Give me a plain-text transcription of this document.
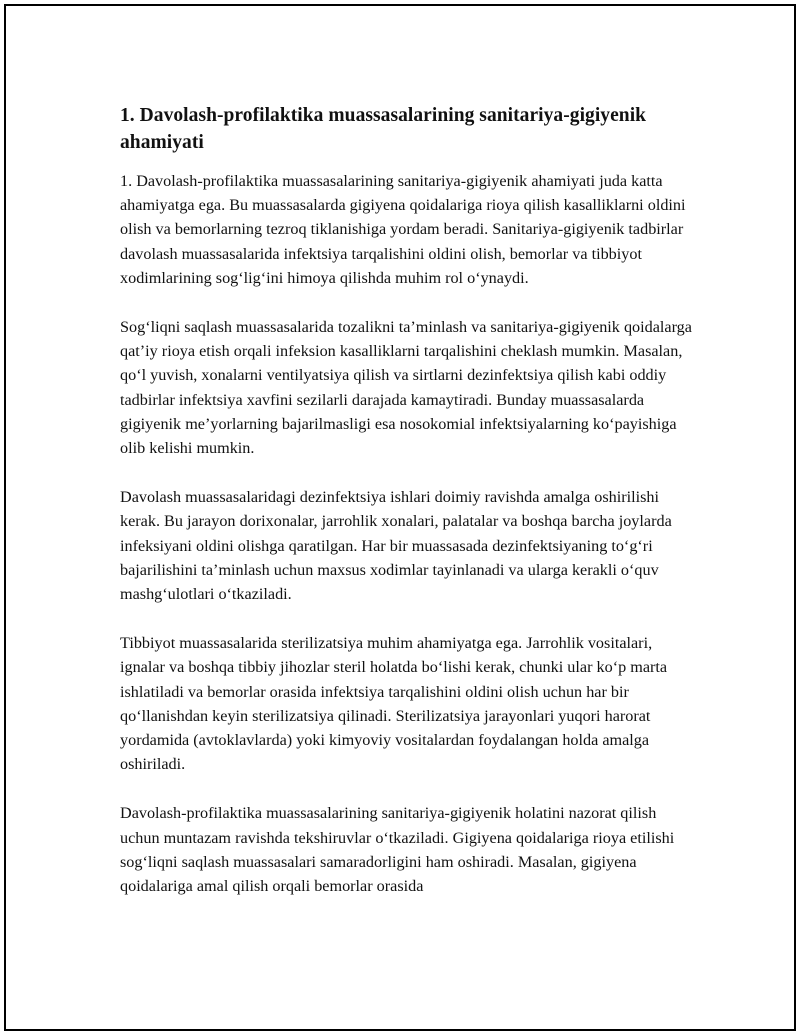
1. Davolash-profilaktika muassasalarining sanitariya-gigiyenik ahamiyati

1. Davolash-profilaktika muassasalarining sanitariya-gigiyenik ahamiyati juda katta ahamiyatga ega. Bu muassasalarda gigiyena qoidalariga rioya qilish kasalliklarni oldini olish va bemorlarning tezroq tiklanishiga yordam beradi. Sanitariya-gigiyenik tadbirlar davolash muassasalarida infektsiya tarqalishini oldini olish, bemorlar va tibbiyot xodimlarining sog‘lig‘ini himoya qilishda muhim rol o‘ynaydi.

Sog‘liqni saqlash muassasalarida tozalikni ta’minlash va sanitariya-gigiyenik qoidalarga qat’iy rioya etish orqali infeksion kasalliklarni tarqalishini cheklash mumkin. Masalan, qo‘l yuvish, xonalarni ventilyatsiya qilish va sirtlarni dezinfektsiya qilish kabi oddiy tadbirlar infektsiya xavfini sezilarli darajada kamaytiradi. Bunday muassasalarda gigiyenik me’yorlarning bajarilmasligi esa nosokomial infektsiyalarning ko‘payishiga olib kelishi mumkin.

Davolash muassasalaridagi dezinfektsiya ishlari doimiy ravishda amalga oshirilishi kerak. Bu jarayon dorixonalar, jarrohlik xonalari, palatalar va boshqa barcha joylarda infeksiyani oldini olishga qaratilgan. Har bir muassasada dezinfektsiyaning to‘g‘ri bajarilishini ta’minlash uchun maxsus xodimlar tayinlanadi va ularga kerakli o‘quv mashg‘ulotlari o‘tkaziladi.

Tibbiyot muassasalarida sterilizatsiya muhim ahamiyatga ega. Jarrohlik vositalari, ignalar va boshqa tibbiy jihozlar steril holatda bo‘lishi kerak, chunki ular ko‘p marta ishlatiladi va bemorlar orasida infektsiya tarqalishini oldini olish uchun har bir qo‘llanishdan keyin sterilizatsiya qilinadi. Sterilizatsiya jarayonlari yuqori harorat yordamida (avtoklavlarda) yoki kimyoviy vositalardan foydalangan holda amalga oshiriladi.

Davolash-profilaktika muassasalarining sanitariya-gigiyenik holatini nazorat qilish uchun muntazam ravishda tekshiruvlar o‘tkaziladi. Gigiyena qoidalariga rioya etilishi sog‘liqni saqlash muassasalari samaradorligini ham oshiradi. Masalan, gigiyena qoidalariga amal qilish orqali bemorlar orasida
